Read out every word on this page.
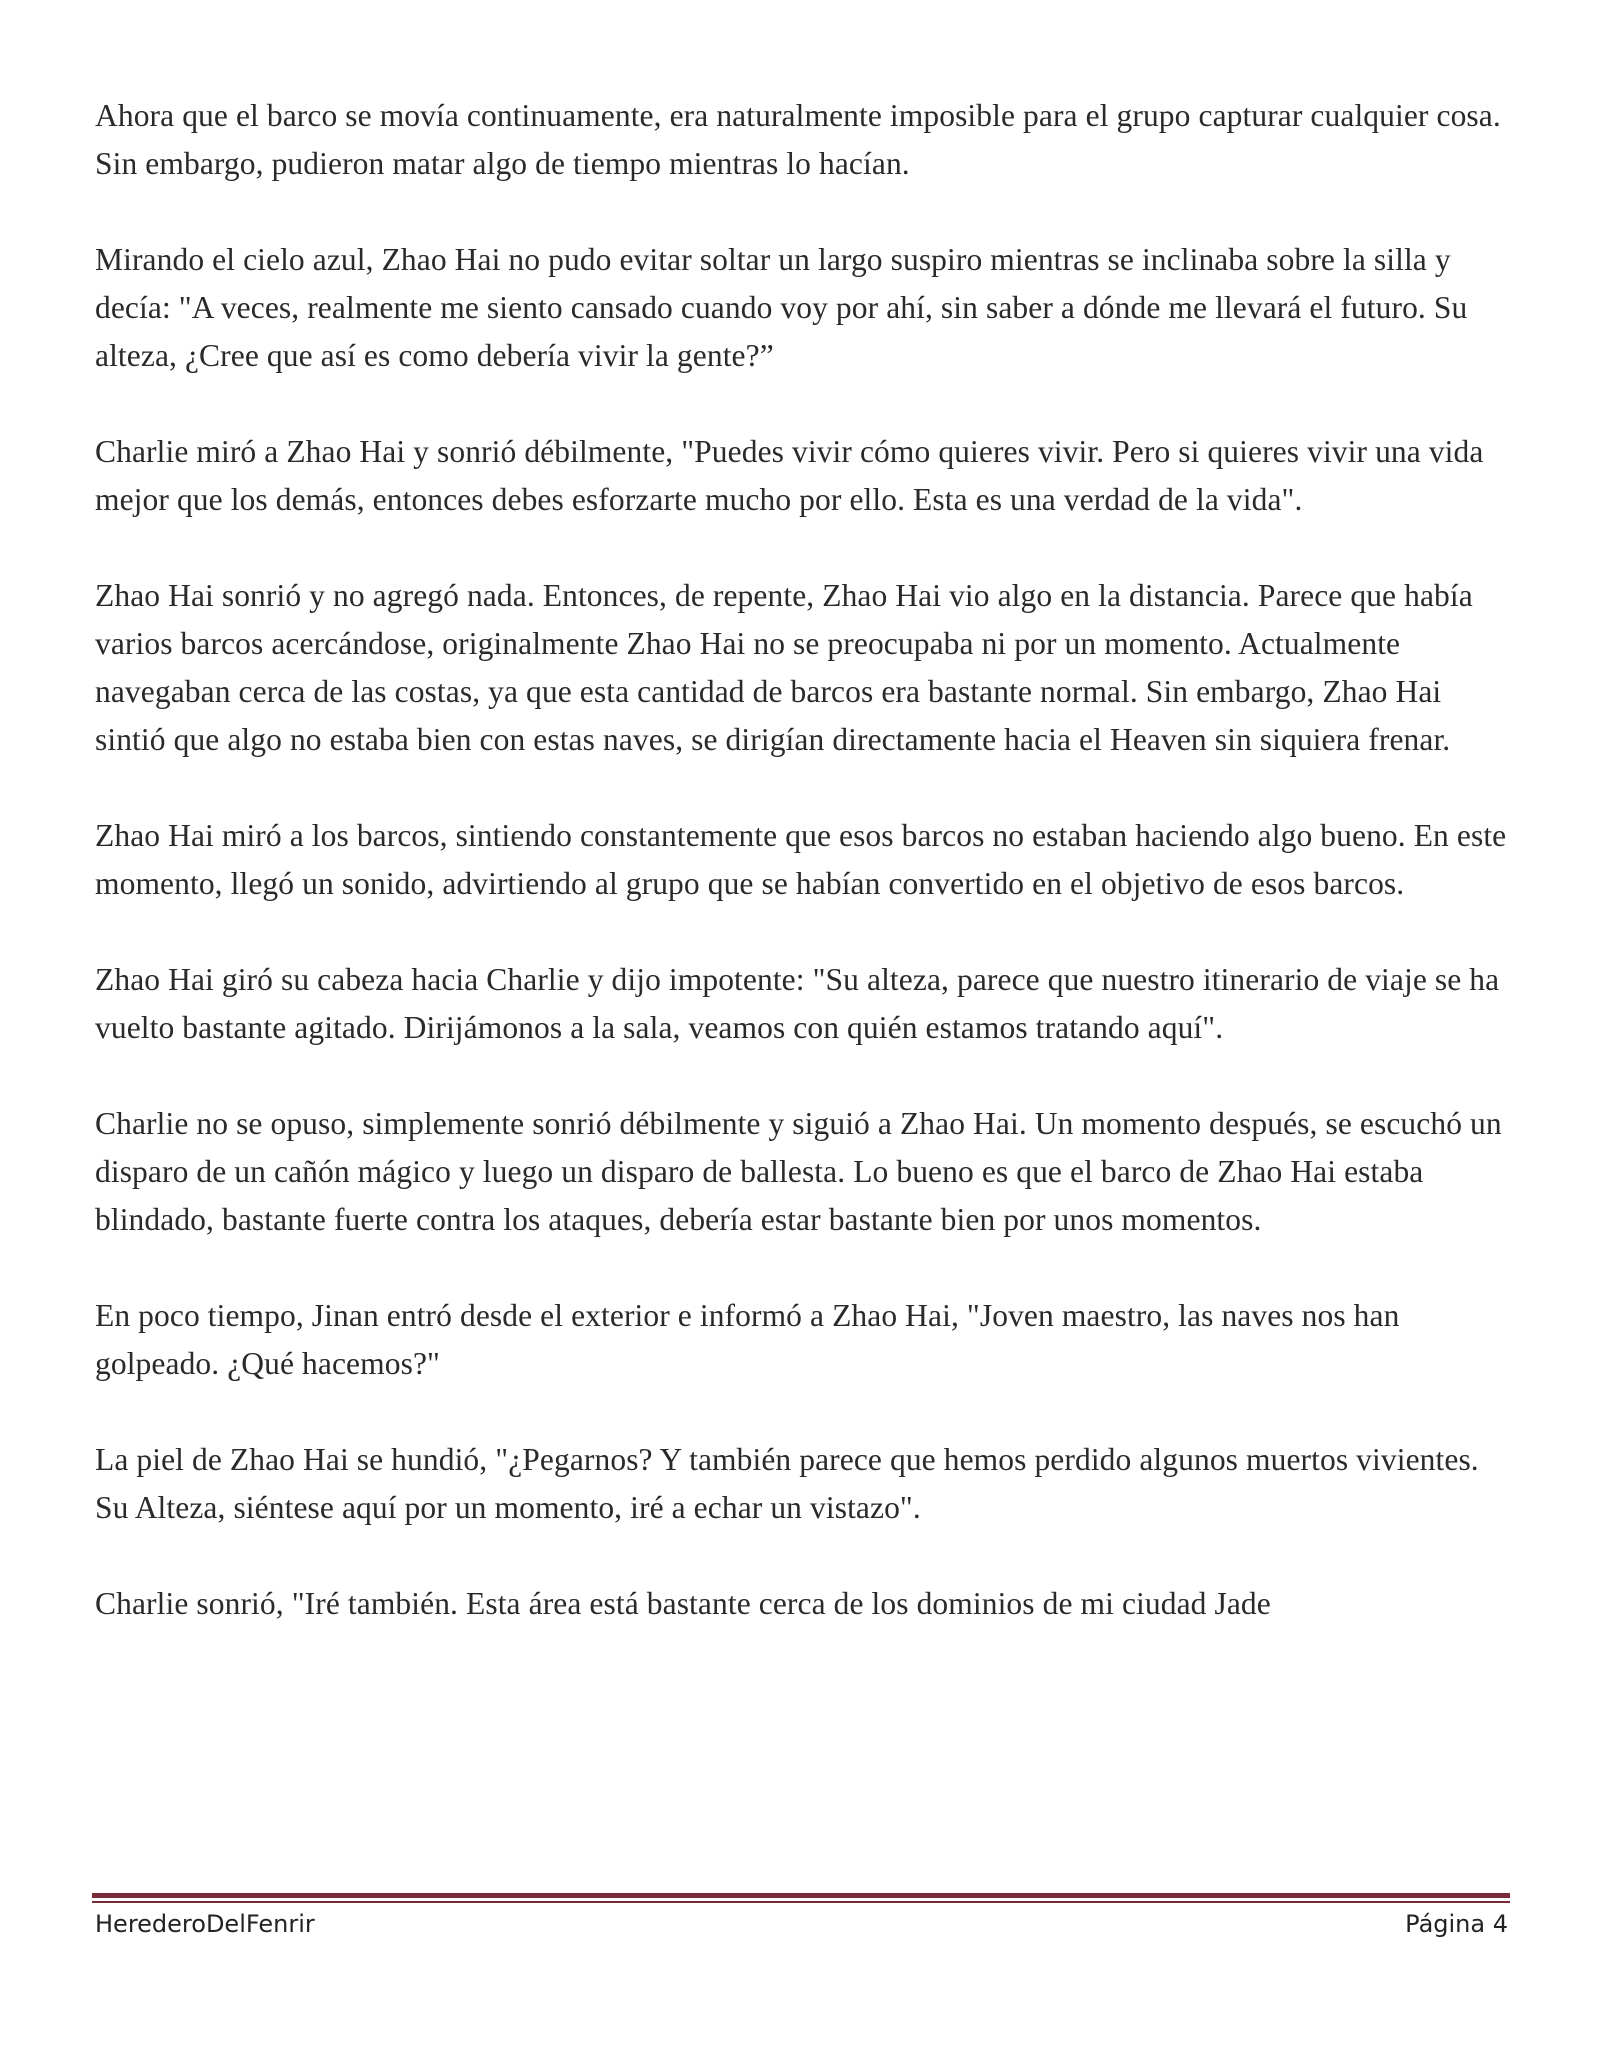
Ahora que el barco se movía continuamente, era naturalmente imposible para el grupo capturar cualquier cosa. Sin embargo, pudieron matar algo de tiempo mientras lo hacían.

Mirando el cielo azul, Zhao Hai no pudo evitar soltar un largo suspiro mientras se inclinaba sobre la silla y decía: "A veces, realmente me siento cansado cuando voy por ahí, sin saber a dónde me llevará el futuro. Su alteza, ¿Cree que así es como debería vivir la gente?”

Charlie miró a Zhao Hai y sonrió débilmente, "Puedes vivir cómo quieres vivir. Pero si quieres vivir una vida mejor que los demás, entonces debes esforzarte mucho por ello. Esta es una verdad de la vida".

Zhao Hai sonrió y no agregó nada. Entonces, de repente, Zhao Hai vio algo en la distancia. Parece que había varios barcos acercándose, originalmente Zhao Hai no se preocupaba ni por un momento. Actualmente navegaban cerca de las costas, ya que esta cantidad de barcos era bastante normal. Sin embargo, Zhao Hai sintió que algo no estaba bien con estas naves, se dirigían directamente hacia el Heaven sin siquiera frenar.

Zhao Hai miró a los barcos, sintiendo constantemente que esos barcos no estaban haciendo algo bueno. En este momento, llegó un sonido, advirtiendo al grupo que se habían convertido en el objetivo de esos barcos.

Zhao Hai giró su cabeza hacia Charlie y dijo impotente: "Su alteza, parece que nuestro itinerario de viaje se ha vuelto bastante agitado. Dirijámonos a la sala, veamos con quién estamos tratando aquí".

Charlie no se opuso, simplemente sonrió débilmente y siguió a Zhao Hai. Un momento después, se escuchó un disparo de un cañón mágico y luego un disparo de ballesta. Lo bueno es que el barco de Zhao Hai estaba blindado, bastante fuerte contra los ataques, debería estar bastante bien por unos momentos.

En poco tiempo, Jinan entró desde el exterior e informó a Zhao Hai, "Joven maestro, las naves nos han golpeado. ¿Qué hacemos?"

La piel de Zhao Hai se hundió, "¿Pegarnos? Y también parece que hemos perdido algunos muertos vivientes. Su Alteza, siéntese aquí por un momento, iré a echar un vistazo".

Charlie sonrió, "Iré también. Esta área está bastante cerca de los dominios de mi ciudad Jade

HerederoDelFenrir	Página 4
